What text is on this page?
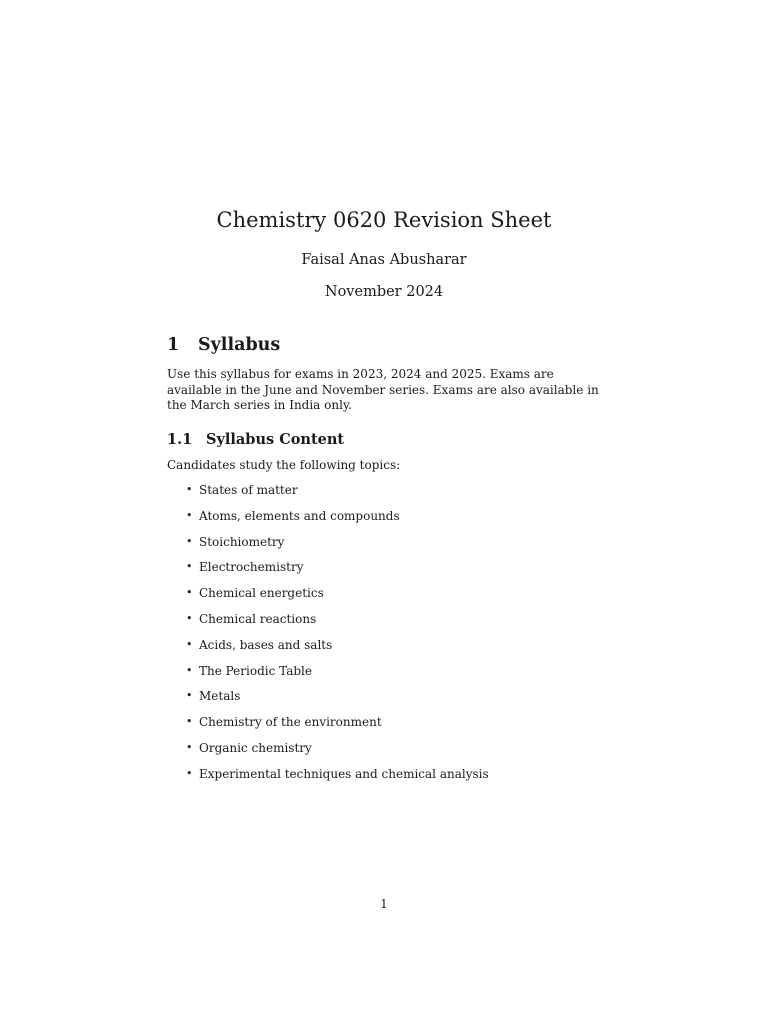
Chemistry 0620 Revision Sheet
Faisal Anas Abusharar
November 2024
1 Syllabus

Use this syllabus for exams in 2023, 2024 and 2025. Exams are available in the June and November series. Exams are also available in the March series in India only.

1.1 Syllabus Content
Candidates study the following topics:
• States of matter
• Atoms, elements and compounds
• Stoichiometry
• Electrochemistry
• Chemical energetics
• Chemical reactions
• Acids, bases and salts
• The Periodic Table
• Metals
• Chemistry of the environment
• Organic chemistry
• Experimental techniques and chemical analysis
1
